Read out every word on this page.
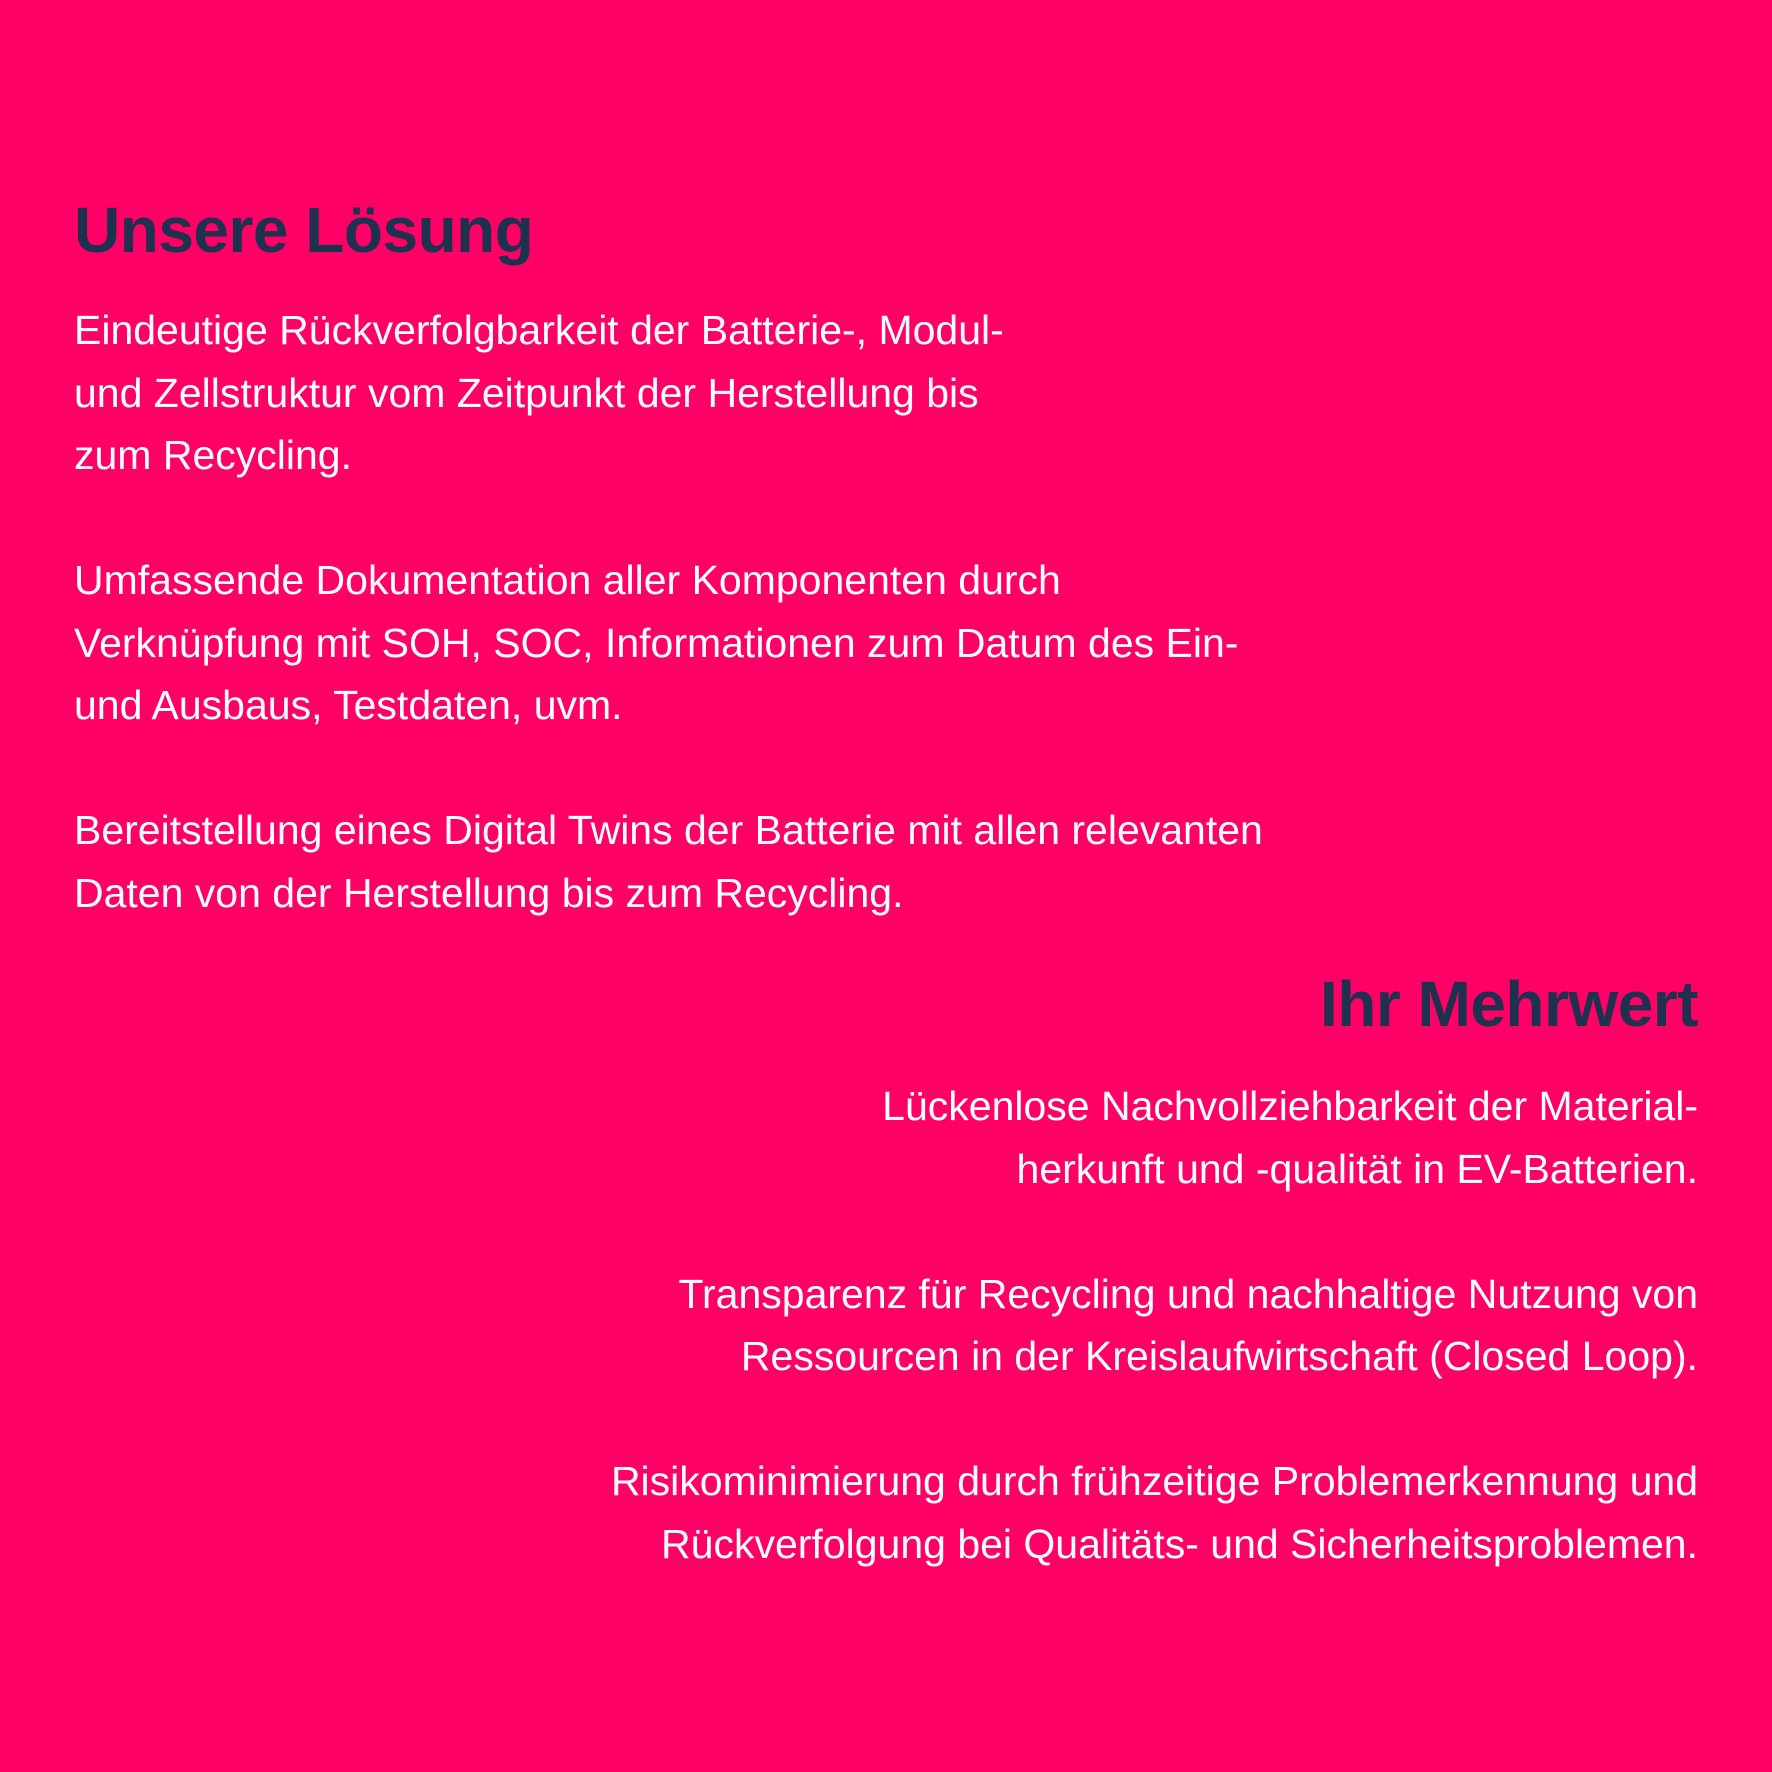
Unsere Lösung

Eindeutige Rückverfolgbarkeit der Batterie-, Modul-
und Zellstruktur vom Zeitpunkt der Herstellung bis
zum Recycling.

Umfassende Dokumentation aller Komponenten durch
Verknüpfung mit SOH, SOC, Informationen zum Datum des Ein-
und Ausbaus, Testdaten, uvm.

Bereitstellung eines Digital Twins der Batterie mit allen relevanten
Daten von der Herstellung bis zum Recycling.

Ihr Mehrwert

Lückenlose Nachvollziehbarkeit der Material-
herkunft und -qualität in EV-Batterien.

Transparenz für Recycling und nachhaltige Nutzung von
Ressourcen in der Kreislaufwirtschaft (Closed Loop).

Risikominimierung durch frühzeitige Problemerkennung und
Rückverfolgung bei Qualitäts- und Sicherheitsproblemen.
